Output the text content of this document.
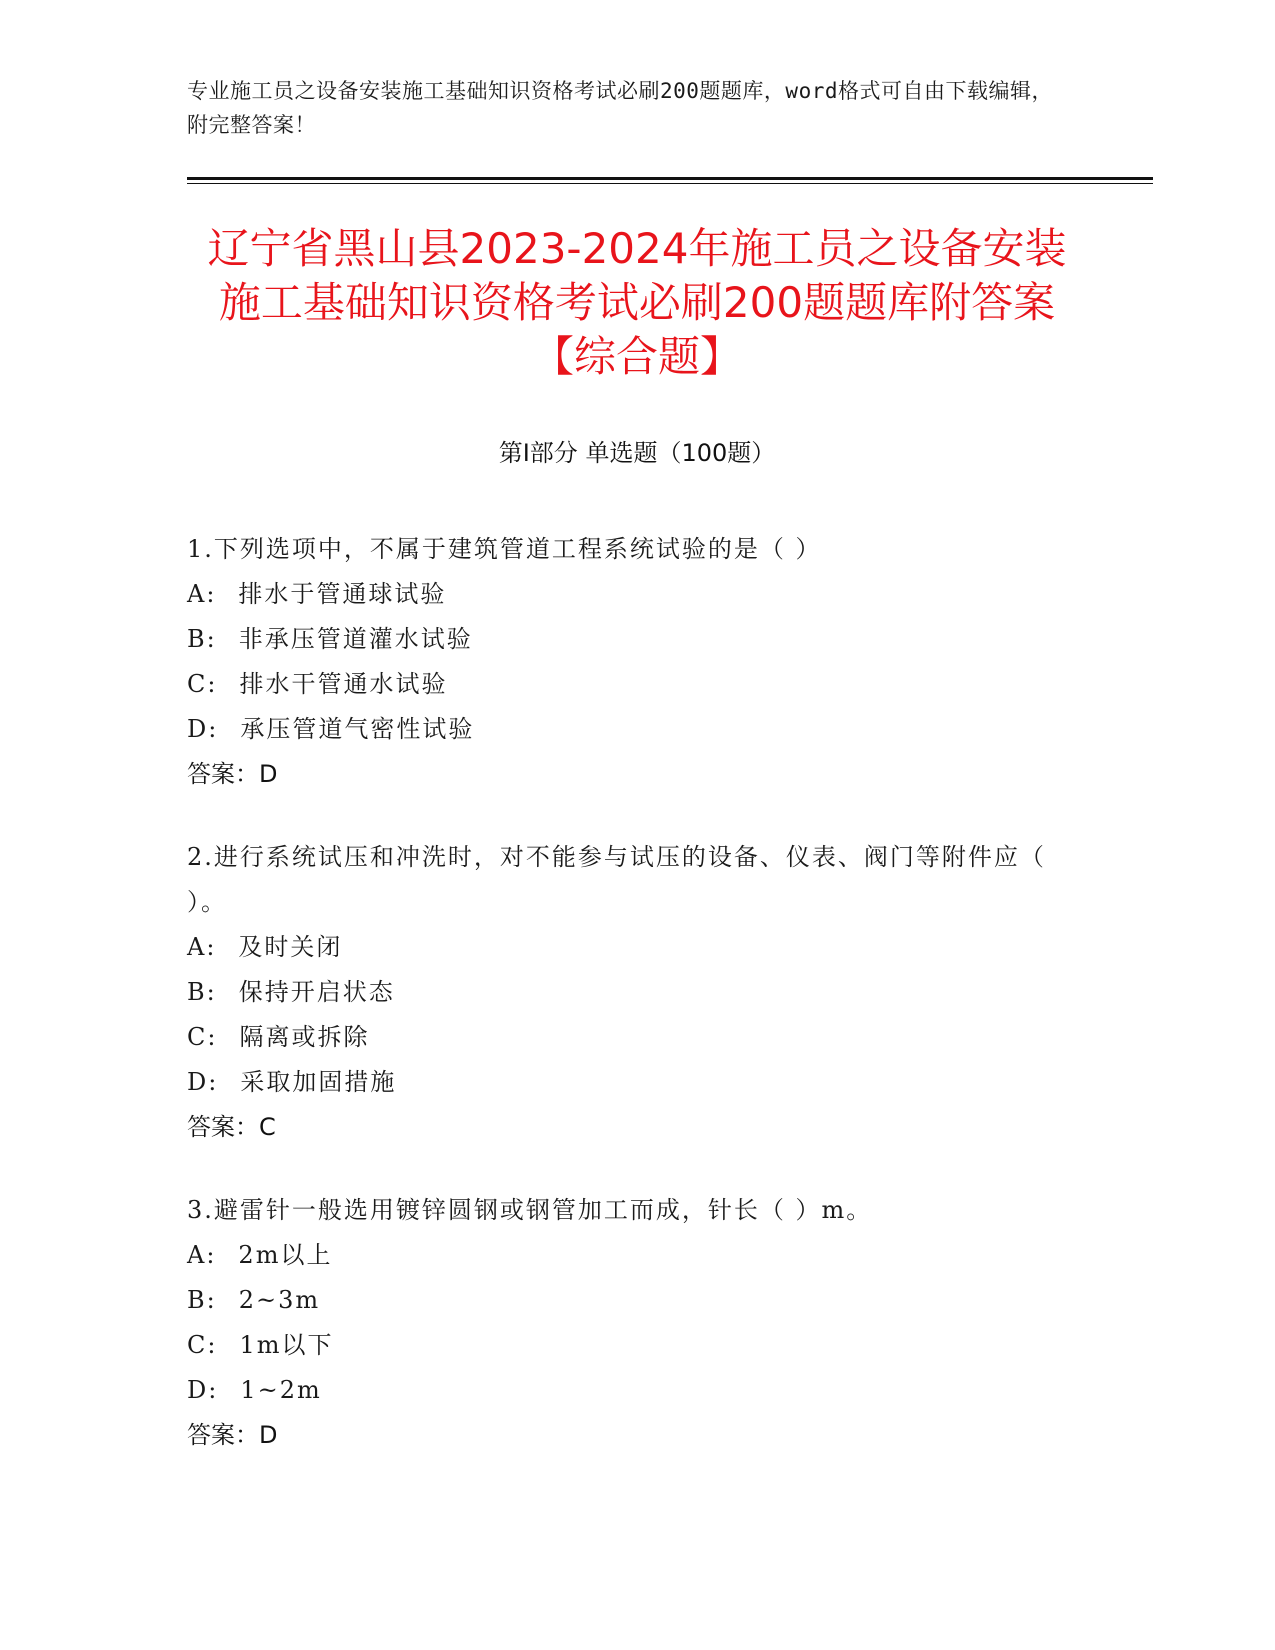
专业施工员之设备安装施工基础知识资格考试必刷200题题库，word格式可自由下载编辑，附完整答案！
辽宁省黑山县2023-2024年施工员之设备安装施工基础知识资格考试必刷200题题库附答案【综合题】
第Ⅰ部分 单选题（100题）
1.下列选项中，不属于建筑管道工程系统试验的是（ ）
A: 排水于管通球试验
B: 非承压管道灌水试验
C: 排水干管通水试验
D: 承压管道气密性试验
答案：D
2.进行系统试压和冲洗时，对不能参与试压的设备、仪表、阀门等附件应（ ）。
A: 及时关闭
B: 保持开启状态
C: 隔离或拆除
D: 采取加固措施
答案：C
3.避雷针一般选用镀锌圆钢或钢管加工而成，针长（ ）m。
A: 2m以上
B: 2~3m
C: 1m以下
D: 1~2m
答案：D
